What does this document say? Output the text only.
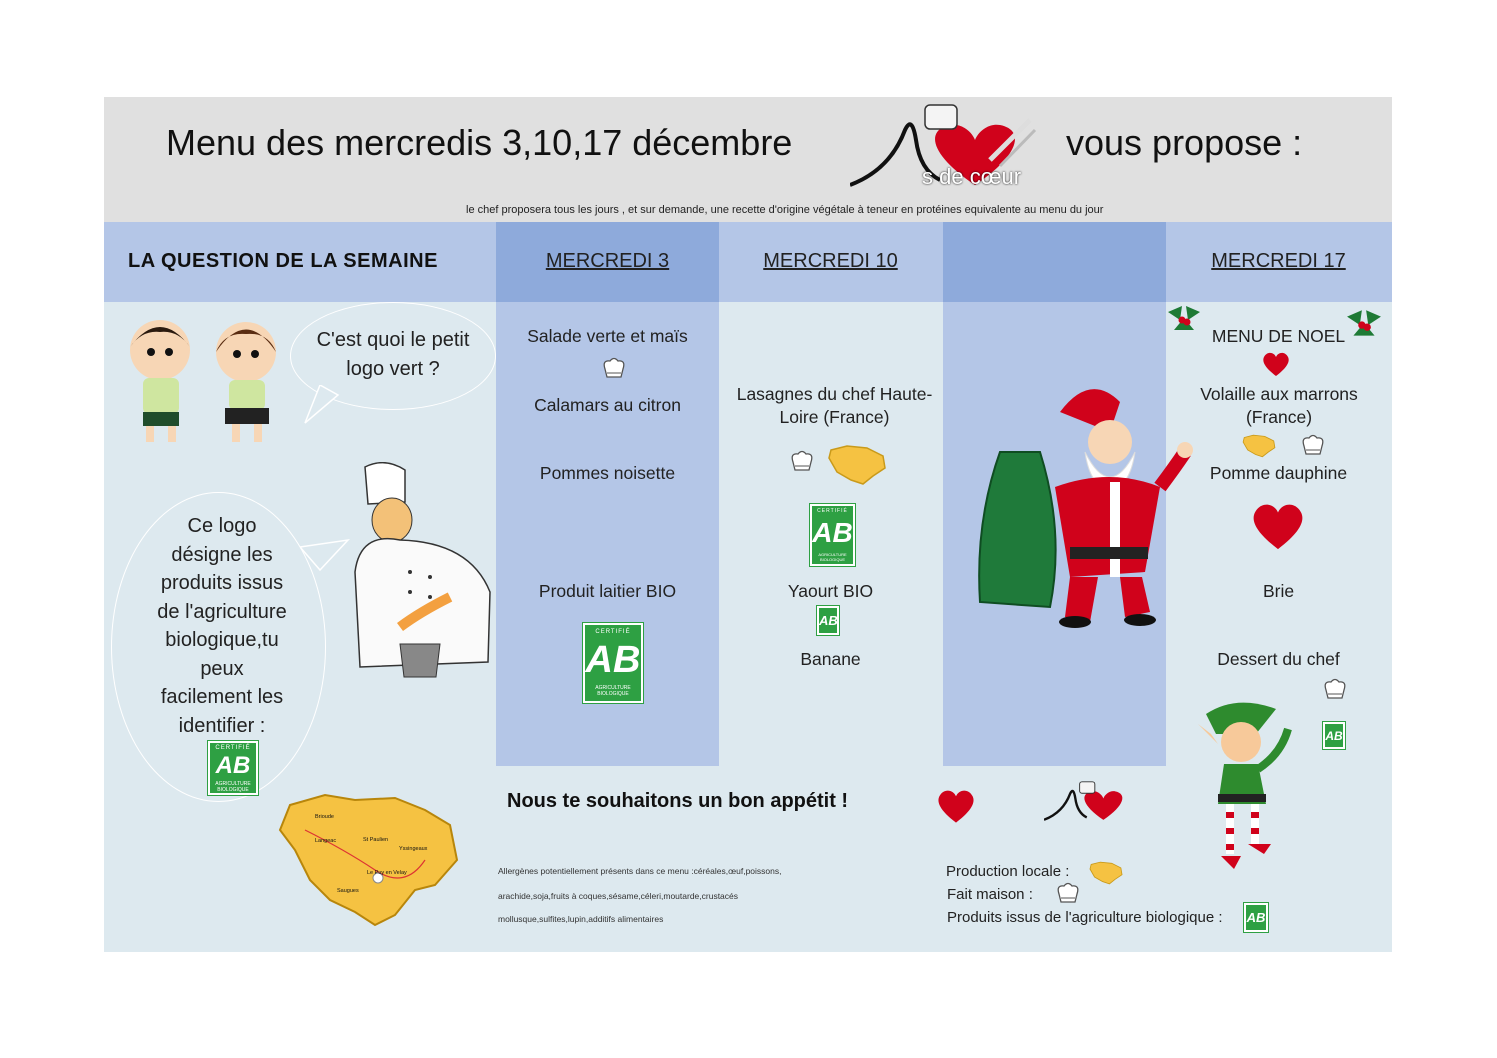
Menu des mercredis 3,10,17 décembre
s de cœur
vous propose :
le chef proposera tous les jours , et sur demande, une recette d'origine végétale à teneur en protéines equivalente au menu du jour
LA QUESTION DE LA SEMAINE	MERCREDI 3	MERCREDI 10	MERCREDI 17
C'est quoi le petit
logo vert ?
Ce logo
désigne les
produits issus
de l'agriculture
biologique,tu
peux
facilement les
identifier :
CERTIFIÉ
AB
AGRICULTURE BIOLOGIQUE
Brioude
Langeac	St Paulien
Yssingeaux
Le Puy en Velay
Saugues
Salade verte et maïs
Calamars au citron
Pommes noisette
Produit laitier BIO
CERTIFIÉ
AB
AGRICULTURE BIOLOGIQUE
Lasagnes du chef Haute-Loire (France)
CERTIFIÉ
AB
AGRICULTURE BIOLOGIQUE
Yaourt BIO
AB
Banane
MENU DE NOEL
Volaille aux marrons (France)
Pomme dauphine
Brie
Dessert du chef
AB
Nous te souhaitons un bon appétit !
Allergènes potentiellement présents dans ce menu :céréales,œuf,poissons,
arachide,soja,fruits à coques,sésame,céleri,moutarde,crustacés
mollusque,sulfites,lupin,additifs alimentaires
Production locale :
Fait maison :
Produits issus de l'agriculture biologique : AB
